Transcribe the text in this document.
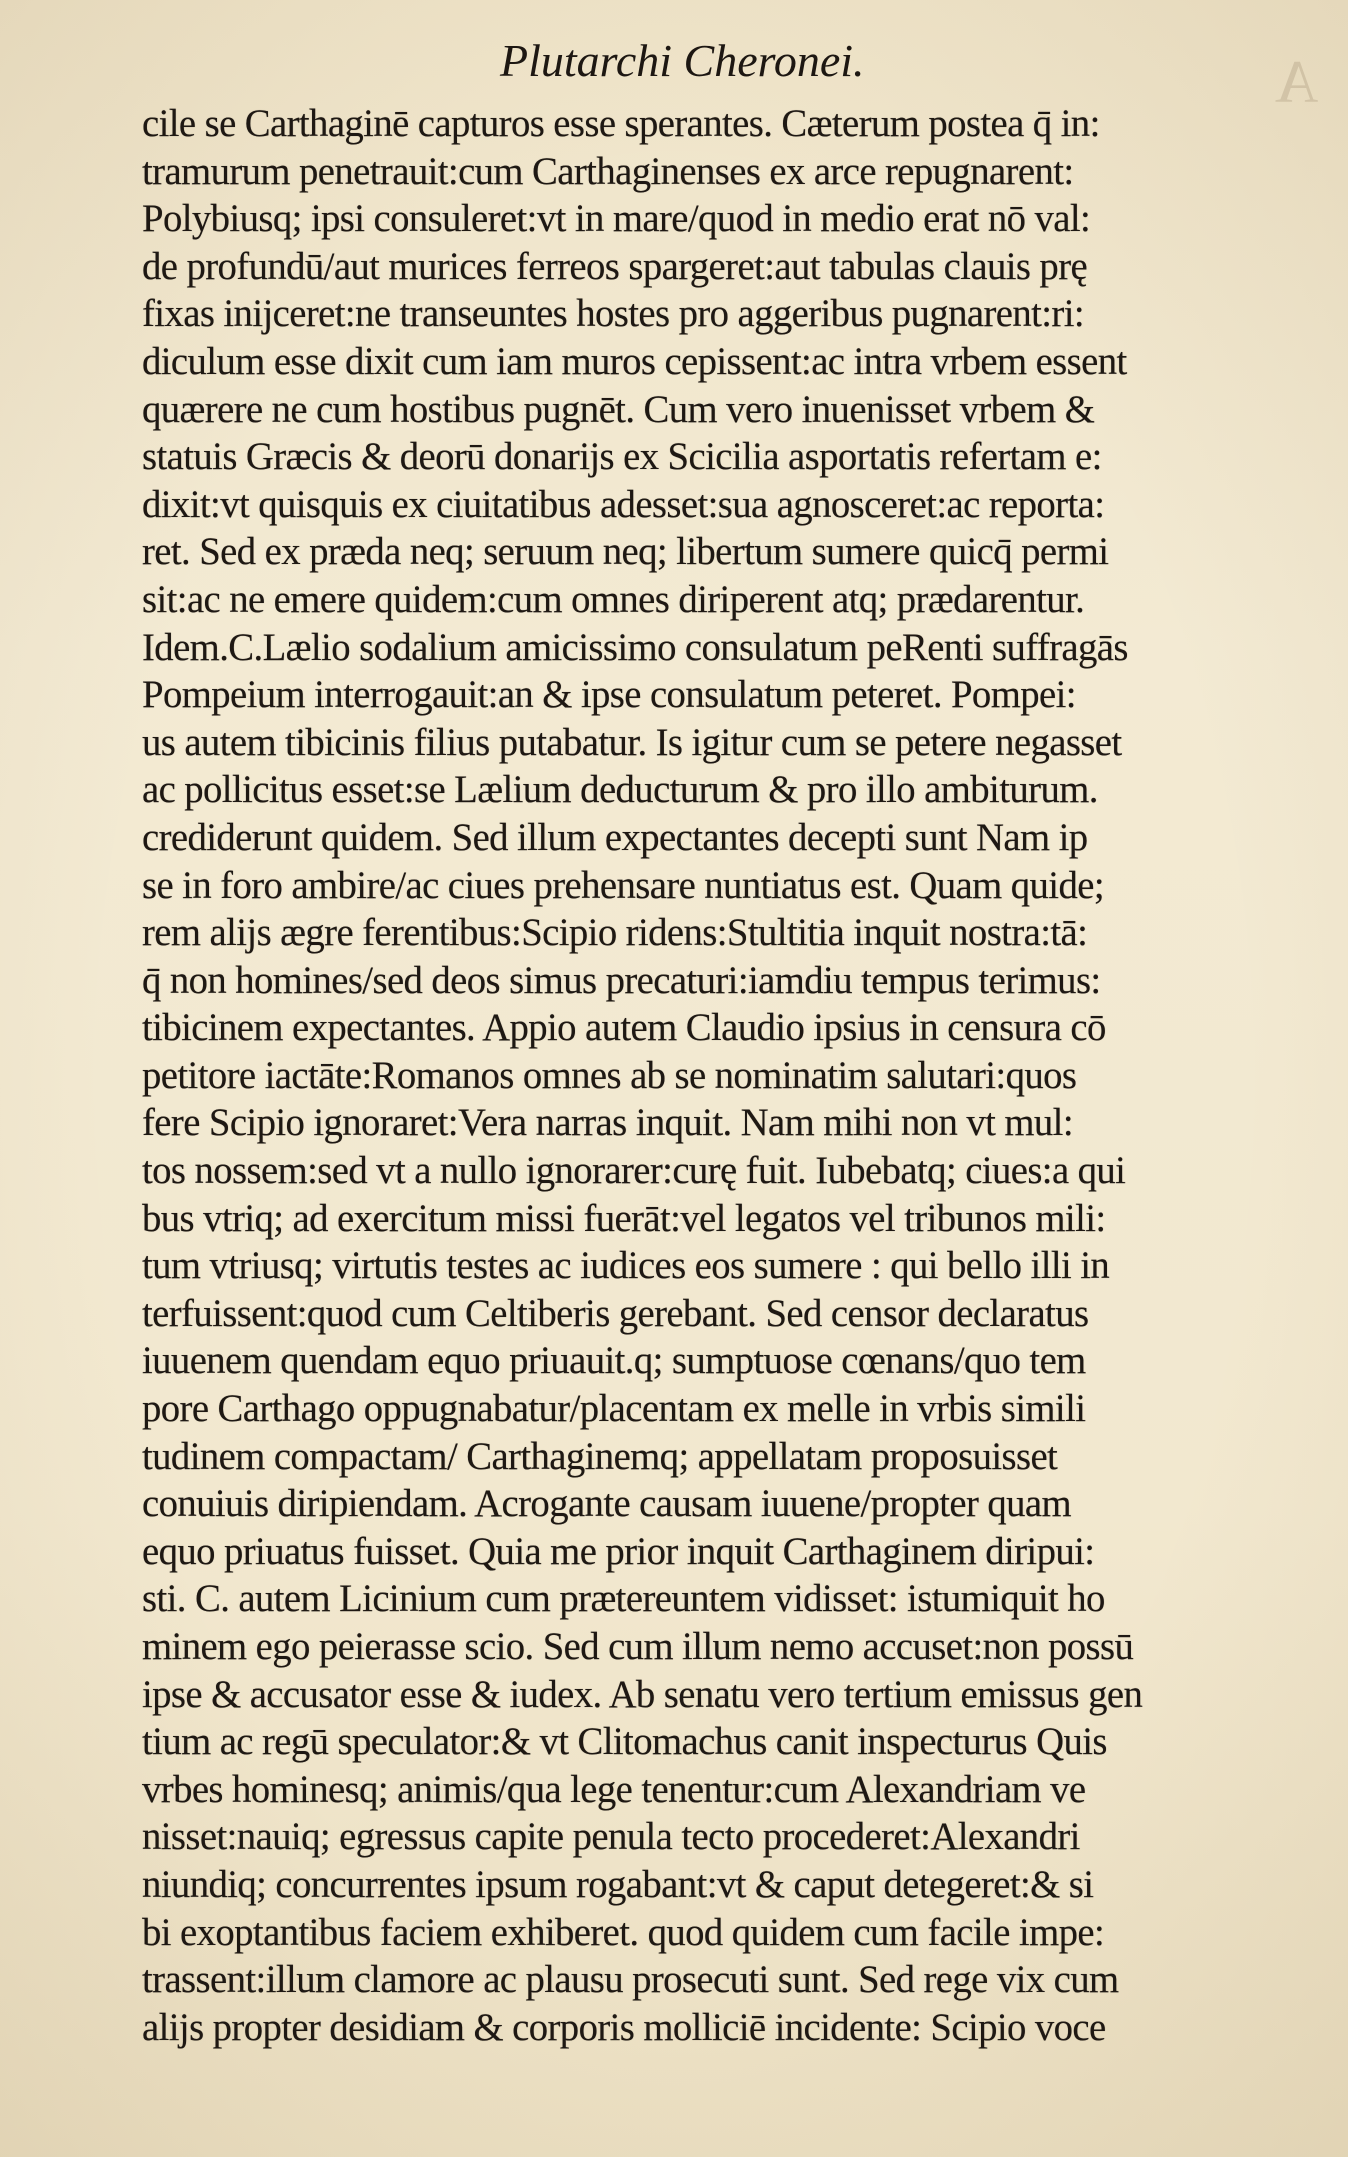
A
Plutarchi Cheronei.
cile se Carthaginē capturos esse sperantes. Cæterum postea q̄ in:
tramurum penetrauit:cum Carthaginenses ex arce repugnarent:
Polybiusq; ipsi consuleret:vt in mare/quod in medio erat nō val:
de profundū/aut murices ferreos spargeret:aut tabulas clauis prę
fixas inijceret:ne transeuntes hostes pro aggeribus pugnarent:ri:
diculum esse dixit cum iam muros cepissent:ac intra vrbem essent
quærere ne cum hostibus pugnēt. Cum vero inuenisset vrbem &
statuis Græcis & deorū donarijs ex Scicilia asportatis refertam e:
dixit:vt quisquis ex ciuitatibus adesset:sua agnosceret:ac reporta:
ret. Sed ex præda neq; seruum neq; libertum sumere quicq̄ permi
sit:ac ne emere quidem:cum omnes diriperent atq; prædarentur.
Idem.C.Lælio sodalium amicissimo consulatum peRenti suffragās
Pompeium interrogauit:an & ipse consulatum peteret. Pompei:
us autem tibicinis filius putabatur. Is igitur cum se petere negasset
ac pollicitus esset:se Lælium deducturum & pro illo ambiturum.
crediderunt quidem. Sed illum expectantes decepti sunt Nam ip
se in foro ambire/ac ciues prehensare nuntiatus est. Quam quide;
rem alijs ægre ferentibus:Scipio ridens:Stultitia inquit nostra:tā:
q̄ non homines/sed deos simus precaturi:iamdiu tempus terimus:
tibicinem expectantes. Appio autem Claudio ipsius in censura cō
petitore iactāte:Romanos omnes ab se nominatim salutari:quos
fere Scipio ignoraret:Vera narras inquit. Nam mihi non vt mul:
tos nossem:sed vt a nullo ignorarer:curę fuit. Iubebatq; ciues:a qui
bus vtriq; ad exercitum missi fuerāt:vel legatos vel tribunos mili:
tum vtriusq; virtutis testes ac iudices eos sumere : qui bello illi in
terfuissent:quod cum Celtiberis gerebant. Sed censor declaratus
iuuenem quendam equo priuauit.q; sumptuose cœnans/quo tem
pore Carthago oppugnabatur/placentam ex melle in vrbis simili
tudinem compactam/ Carthaginemq; appellatam proposuisset
conuiuis diripiendam. Acrogante causam iuuene/propter quam
equo priuatus fuisset. Quia me prior inquit Carthaginem diripui:
sti. C. autem Licinium cum prætereuntem vidisset: istumiquit ho
minem ego peierasse scio. Sed cum illum nemo accuset:non possū
ipse & accusator esse & iudex. Ab senatu vero tertium emissus gen
tium ac regū speculator:& vt Clitomachus canit inspecturus Quis
vrbes hominesq; animis/qua lege tenentur:cum Alexandriam ve
nisset:nauiq; egressus capite penula tecto procederet:Alexandri
niundiq; concurrentes ipsum rogabant:vt & caput detegeret:& si
bi exoptantibus faciem exhiberet. quod quidem cum facile impe:
trassent:illum clamore ac plausu prosecuti sunt. Sed rege vix cum
alijs propter desidiam & corporis molliciē incidente: Scipio voce
